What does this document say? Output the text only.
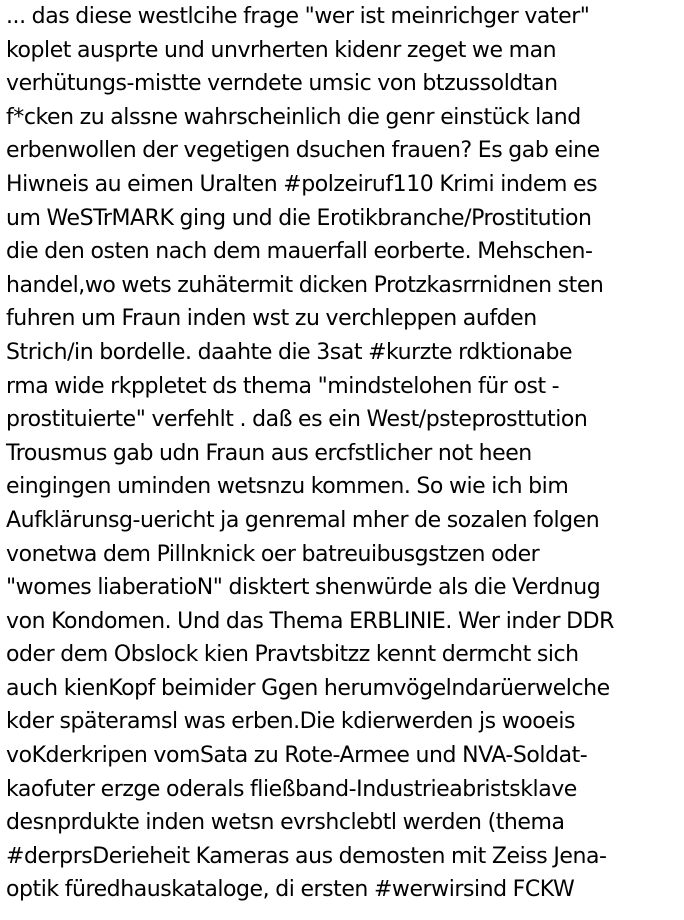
... das diese westlcihe frage "wer ist meinrichger vater"
koplet ausprte und unvrherten kidenr zeget we man
verhütungs-mistte verndete umsic von btzussoldtan
f*cken zu alssne wahrscheinlich die genr einstück land
erbenwollen der vegetigen dsuchen frauen? Es gab eine
Hiwneis au eimen Uralten #polzeiruf110 Krimi indem es
um WeSTrMARK ging und die Erotikbranche/Prostitution
die den osten nach dem mauerfall eorberte. Mehschen-
handel,wo wets zuhätermit dicken Protzkasrrnidnen sten
fuhren um Fraun inden wst zu verchleppen aufden
Strich/in bordelle. daahte die 3sat #kurzte rdktionabe
rma wide rkppletet ds thema "mindstelohen für ost -
prostituierte" verfehlt . daß es ein West/psteprosttution
Trousmus gab udn Fraun aus ercfstlicher not heen
eingingen uminden wetsnzu kommen. So wie ich bim
Aufklärunsg-uericht ja genremal mher de sozalen folgen
vonetwa dem Pillnknick oer batreuibusgstzen oder
"womes liaberatioN" disktert shenwürde als die Verdnug
von Kondomen. Und das Thema ERBLINIE. Wer inder DDR
oder dem Obslock kien Pravtsbitzz kennt dermcht sich
auch kienKopf beimider Ggen herumvögelndarüerwelche
kder späteramsl was erben.Die kdierwerden js wooeis
voKderkripen vomSata zu Rote-Armee und NVA-Soldat-
kaofuter erzge oderals fließband-Industrieabristsklave
desnprdukte inden wetsn evrshclebtl werden (thema
#derprsDerieheit Kameras aus demosten mit Zeiss Jena-
optik füredhauskataloge, di ersten #werwirsind FCKW
